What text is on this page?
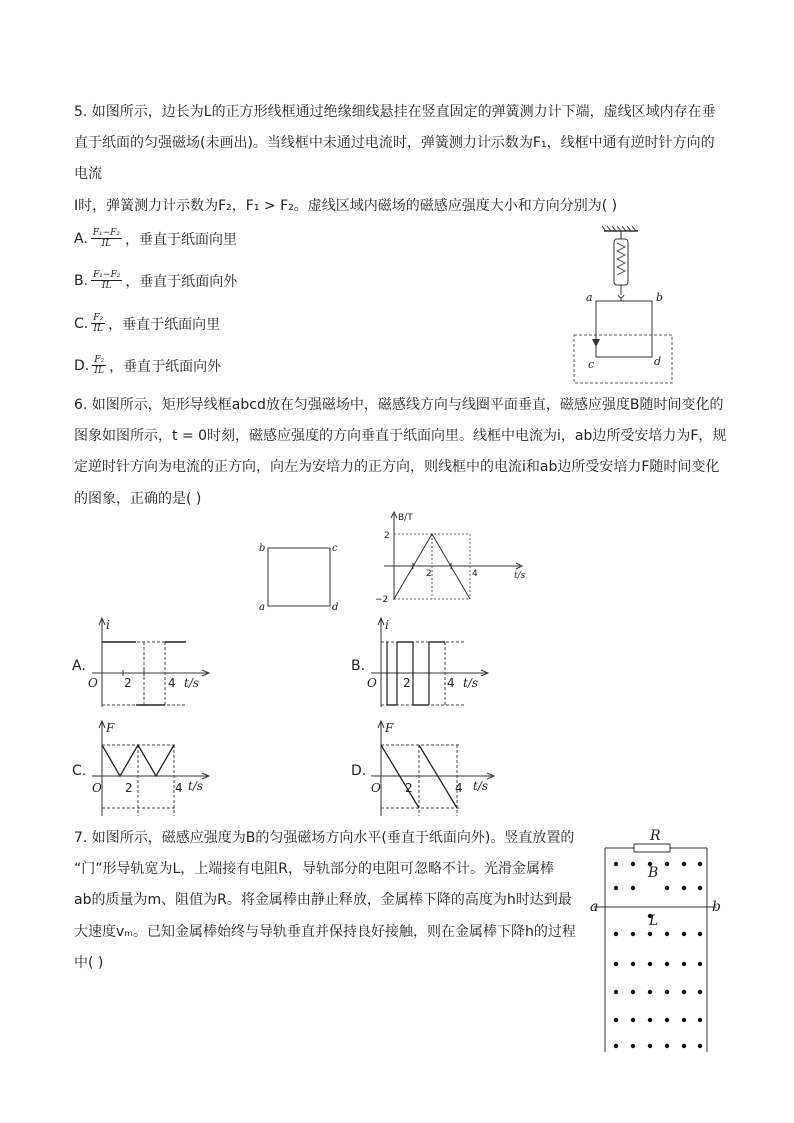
5. 如图所示，边长为L的正方形线框通过绝缘细线悬挂在竖直固定的弹簧测力计下端，虚线区域内存在垂
直于纸面的匀强磁场(未画出)。当线框中未通过电流时，弹簧测力计示数为F₁，线框中通有逆时针方向的
电流
I时，弹簧测力计示数为F₂，F₁ > F₂。虚线区域内磁场的磁感应强度大小和方向分别为( )
A. $\frac{\text{F₁−F₂}}{IL}$ ，垂直于纸面向里
B. $\frac{\text{F₁−F₂}}{IL}$ ，垂直于纸面向外
C. $\frac{\text{F₂}}{IL}$ ，垂直于纸面向里
D. $\frac{\text{F₂}}{IL}$ ，垂直于纸面向外
a	b
c	d
6. 如图所示，矩形导线框abcd放在匀强磁场中，磁感线方向与线圈平面垂直，磁感应强度B随时间变化的
图象如图所示，t = 0时刻，磁感应强度的方向垂直于纸面向里。线框中电流为i，ab边所受安培力为F，规
定逆时针方向为电流的正方向，向左为安培力的正方向，则线框中的电流i和ab边所受安培力F随时间变化
的图象，正确的是( )
b	c
a	d
B/T
2
−2
2	4	t/s
A.
i
O 2	4 t/s
B.
i
O 2	4 t/s
C.
F
O 2	4 t/s
D.
F
O 2	4 t/s
7. 如图所示，磁感应强度为B的匀强磁场方向水平(垂直于纸面向外)。竖直放置的
“门”形导轨宽为L，上端接有电阻R，导轨部分的电阻可忽略不计。光滑金属棒
ab的质量为m、阻值为R。将金属棒由静止释放，金属棒下降的高度为h时达到最
大速度vₘ。已知金属棒始终与导轨垂直并保持良好接触，则在金属棒下降h的过程
中( )
R
B
L
a	b
